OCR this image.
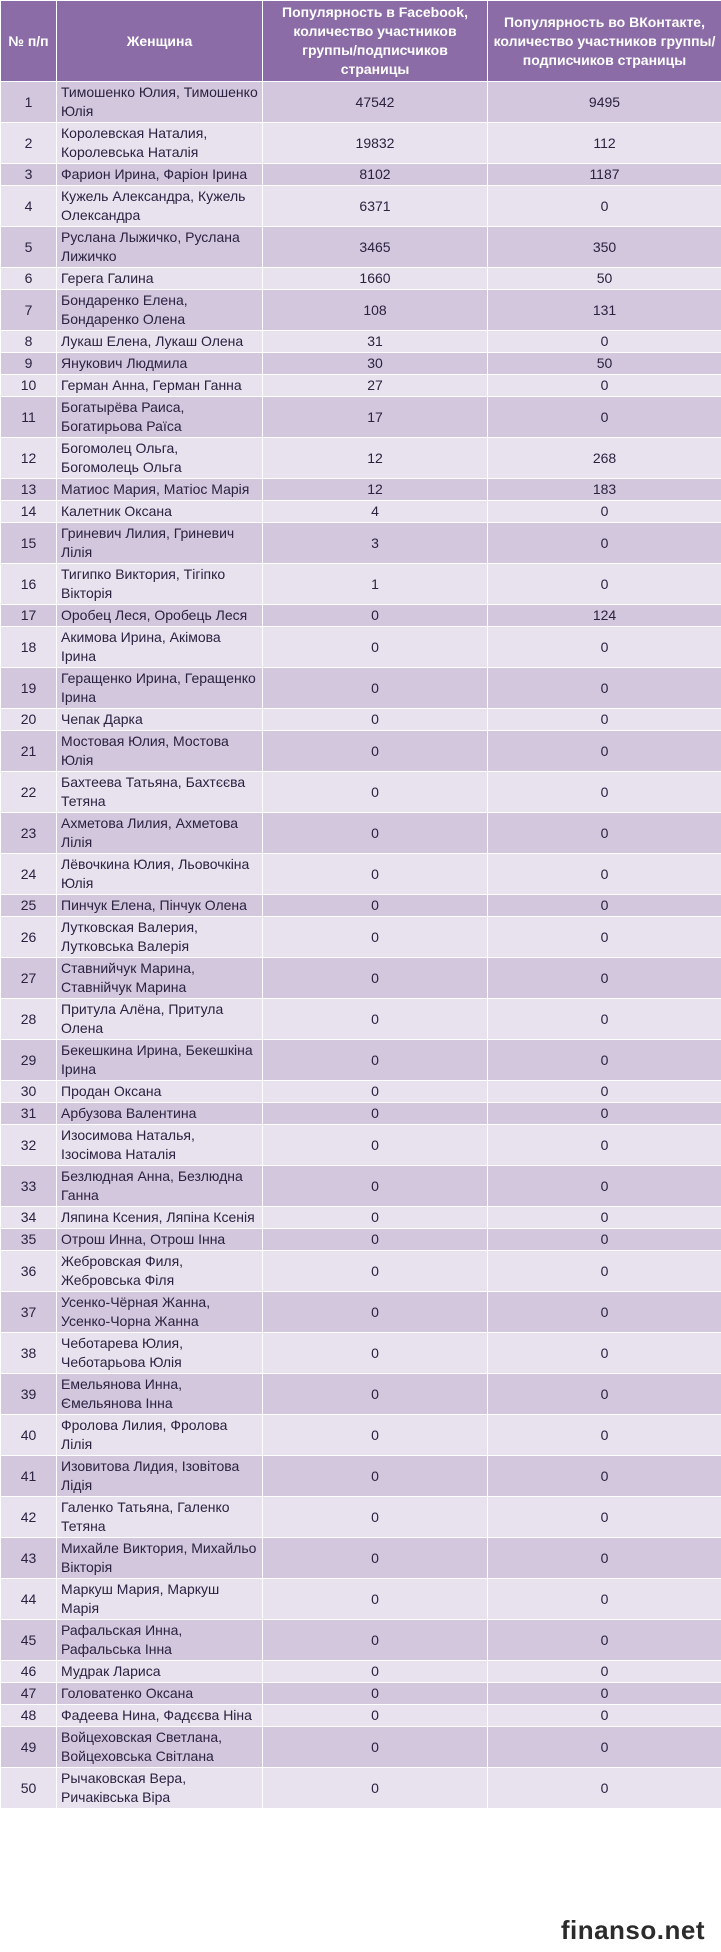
№ п/п	Женщина	Популярность в Facebook, количество участников группы/подписчиков страницы	Популярность во ВКонтакте, количество участников группы/подписчиков страницы
1	Тимошенко Юлия, Тимошенко Юлія	47542	9495
2	Королевская Наталия, Королевська Наталія	19832	112
3	Фарион Ирина, Фаріон Ірина	8102	1187
4	Кужель Александра, Кужель Олександра	6371	0
5	Руслана Лыжичко, Руслана Лижичко	3465	350
6	Герега Галина	1660	50
7	Бондаренко Елена, Бондаренко Олена	108	131
8	Лукаш Елена, Лукаш Олена	31	0
9	Янукович Людмила	30	50
10	Герман Анна, Герман Ганна	27	0
11	Богатырёва Раиса, Богатирьова Раїса	17	0
12	Богомолец Ольга, Богомолець Ольга	12	268
13	Матиос Мария, Матіос Марія	12	183
14	Калетник Оксана	4	0
15	Гриневич Лилия, Гриневич Лілія	3	0
16	Тигипко Виктория, Тігіпко Вікторія	1	0
17	Оробец Леся, Оробець Леся	0	124
18	Акимова Ирина, Акімова Ірина	0	0
19	Геращенко Ирина, Геращенко Ірина	0	0
20	Чепак Дарка	0	0
21	Мостовая Юлия, Мостова Юлія	0	0
22	Бахтеева Татьяна, Бахтєєва Тетяна	0	0
23	Ахметова Лилия, Ахметова Лілія	0	0
24	Лёвочкина Юлия, Льовочкіна Юлія	0	0
25	Пинчук Елена, Пінчук Олена	0	0
26	Лутковская Валерия, Лутковська Валерія	0	0
27	Ставнийчук Марина, Ставнійчук Марина	0	0
28	Притула Алёна, Притула Олена	0	0
29	Бекешкина Ирина, Бекешкіна Ірина	0	0
30	Продан Оксана	0	0
31	Арбузова Валентина	0	0
32	Изосимова Наталья, Ізосімова Наталія	0	0
33	Безлюдная Анна, Безлюдна Ганна	0	0
34	Ляпина Ксения, Ляпіна Ксенія	0	0
35	Отрош Инна, Отрош Інна	0	0
36	Жебровская Филя, Жебровська Філя	0	0
37	Усенко-Чёрная Жанна, Усенко-Чорна Жанна	0	0
38	Чеботарева Юлия, Чеботарьова Юлія	0	0
39	Емельянова Инна, Ємельянова Інна	0	0
40	Фролова Лилия, Фролова Лілія	0	0
41	Изовитова Лидия, Ізовітова Лідія	0	0
42	Галенко Татьяна, Галенко Тетяна	0	0
43	Михайле Виктория, Михайльо Вікторія	0	0
44	Маркуш Мария, Маркуш Марія	0	0
45	Рафальская Инна, Рафальська Інна	0	0
46	Мудрак Лариса	0	0
47	Головатенко Оксана	0	0
48	Фадеева Нина, Фадєєва Ніна	0	0
49	Войцеховская Светлана, Войцеховська Світлана	0	0
50	Рычаковская Вера, Ричаківська Віра	0	0
finanso.net
